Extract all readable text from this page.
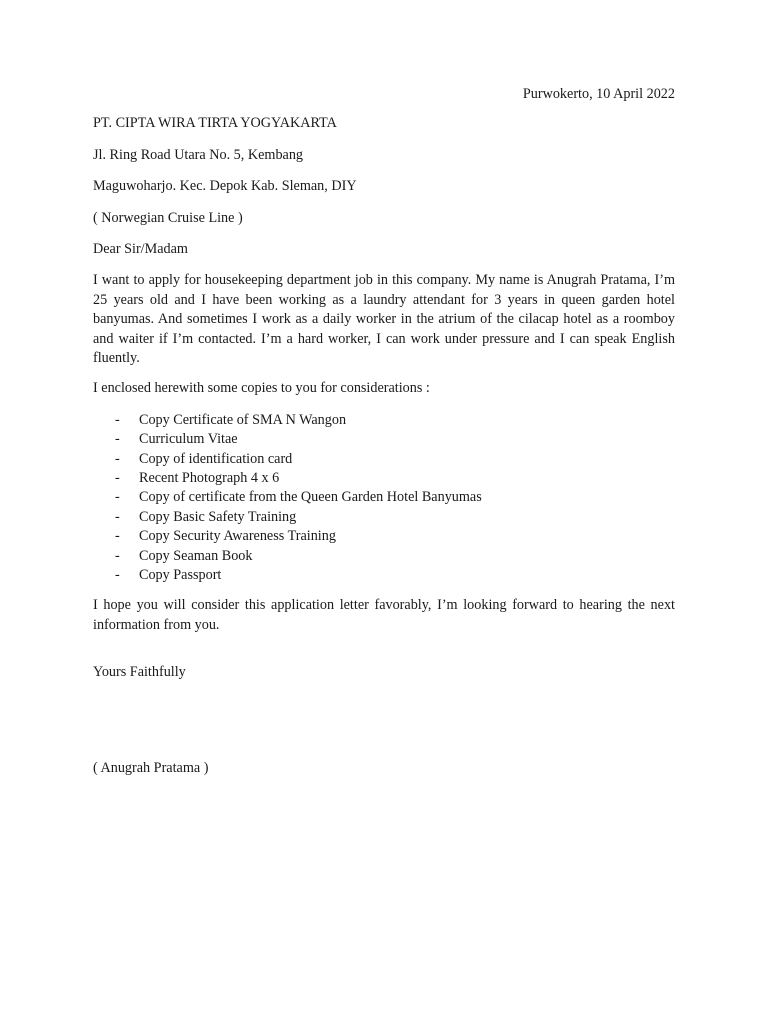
Purwokerto, 10 April 2022

PT. CIPTA WIRA TIRTA YOGYAKARTA

Jl. Ring Road Utara No. 5, Kembang

Maguwoharjo. Kec. Depok Kab. Sleman, DIY

( Norwegian Cruise Line )

Dear Sir/Madam

I want to apply for housekeeping department job in this company. My name is Anugrah Pratama, I’m 25 years old and I have been working as a laundry attendant for 3 years in queen garden hotel banyumas. And sometimes I work as a daily worker in the atrium of the cilacap hotel as a roomboy and waiter if I’m contacted. I’m a hard worker, I can work under pressure and I can speak English fluently.

I enclosed herewith some copies to you for considerations :

-	Copy Certificate of SMA N Wangon
-	Curriculum Vitae
-	Copy of identification card
-	Recent Photograph 4 x 6
-	Copy of certificate from the Queen Garden Hotel Banyumas
-	Copy Basic Safety Training
-	Copy Security Awareness Training
-	Copy Seaman Book
-	Copy Passport

I hope you will consider this application letter favorably, I’m looking forward to hearing the next information from you.

Yours Faithfully

( Anugrah Pratama )
